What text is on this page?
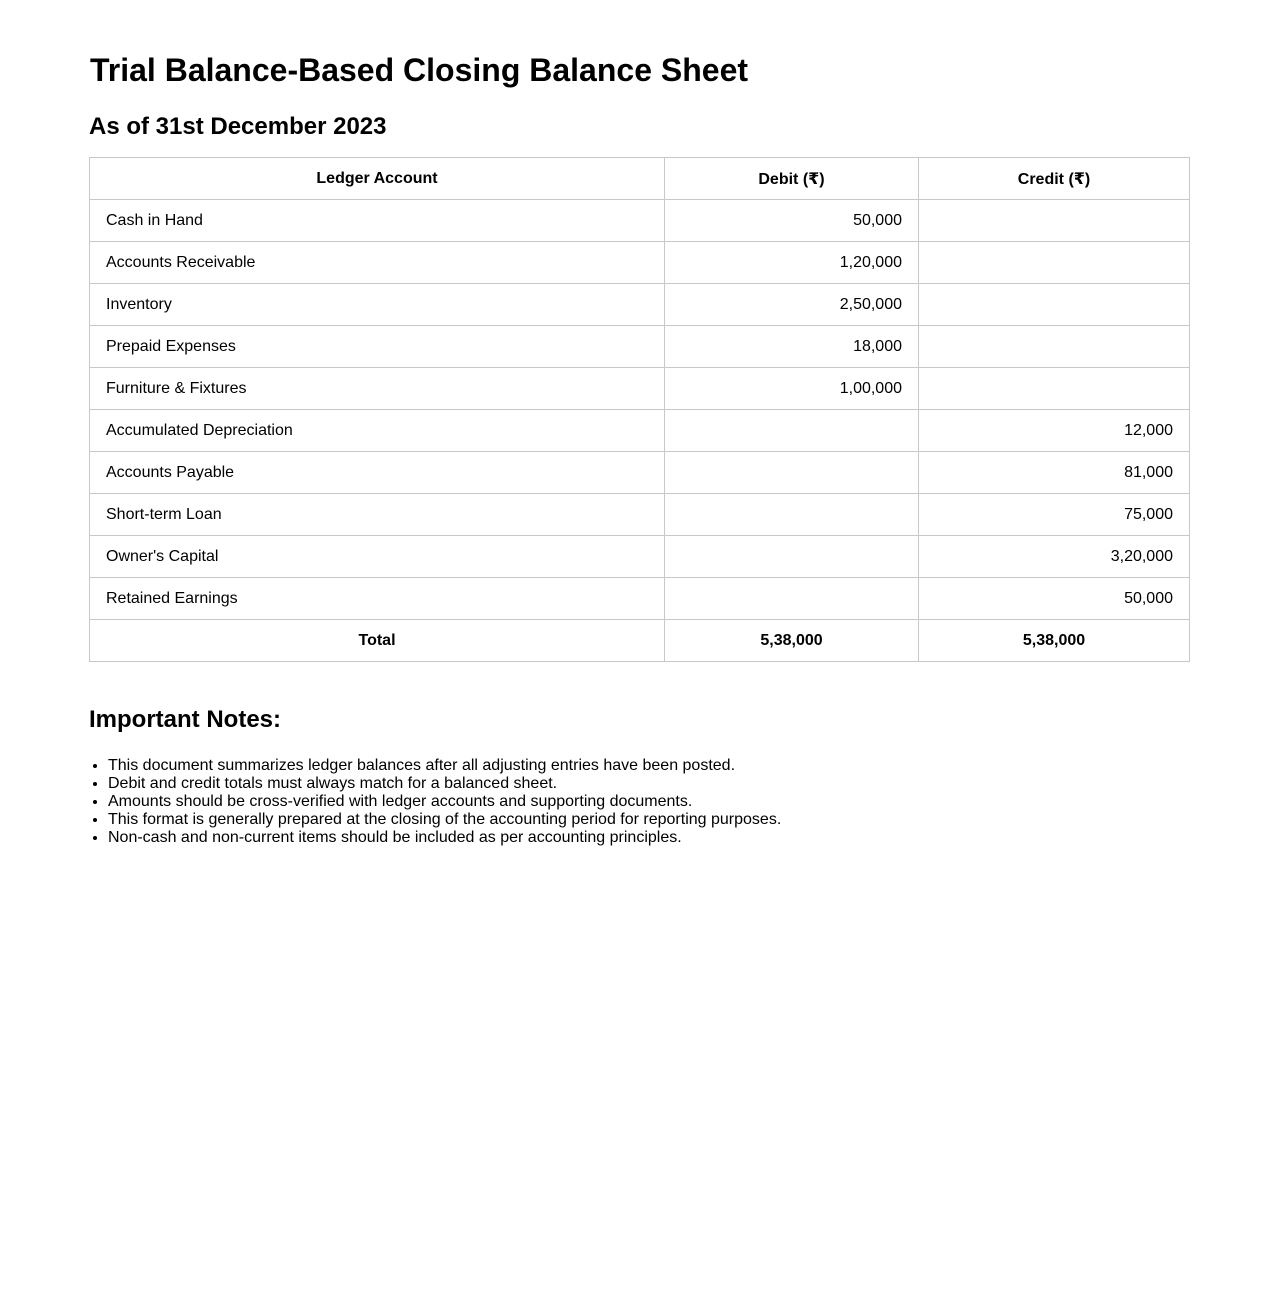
Trial Balance-Based Closing Balance Sheet
As of 31st December 2023
Ledger Account	Debit (₹)	Credit (₹)
Cash in Hand	50,000	
Accounts Receivable	1,20,000	
Inventory	2,50,000	
Prepaid Expenses	18,000	
Furniture & Fixtures	1,00,000	
Accumulated Depreciation		12,000
Accounts Payable		81,000
Short-term Loan		75,000
Owner's Capital		3,20,000
Retained Earnings		50,000
Total	5,38,000	5,38,000
Important Notes:
• This document summarizes ledger balances after all adjusting entries have been posted.
• Debit and credit totals must always match for a balanced sheet.
• Amounts should be cross-verified with ledger accounts and supporting documents.
• This format is generally prepared at the closing of the accounting period for reporting purposes.
• Non-cash and non-current items should be included as per accounting principles.
